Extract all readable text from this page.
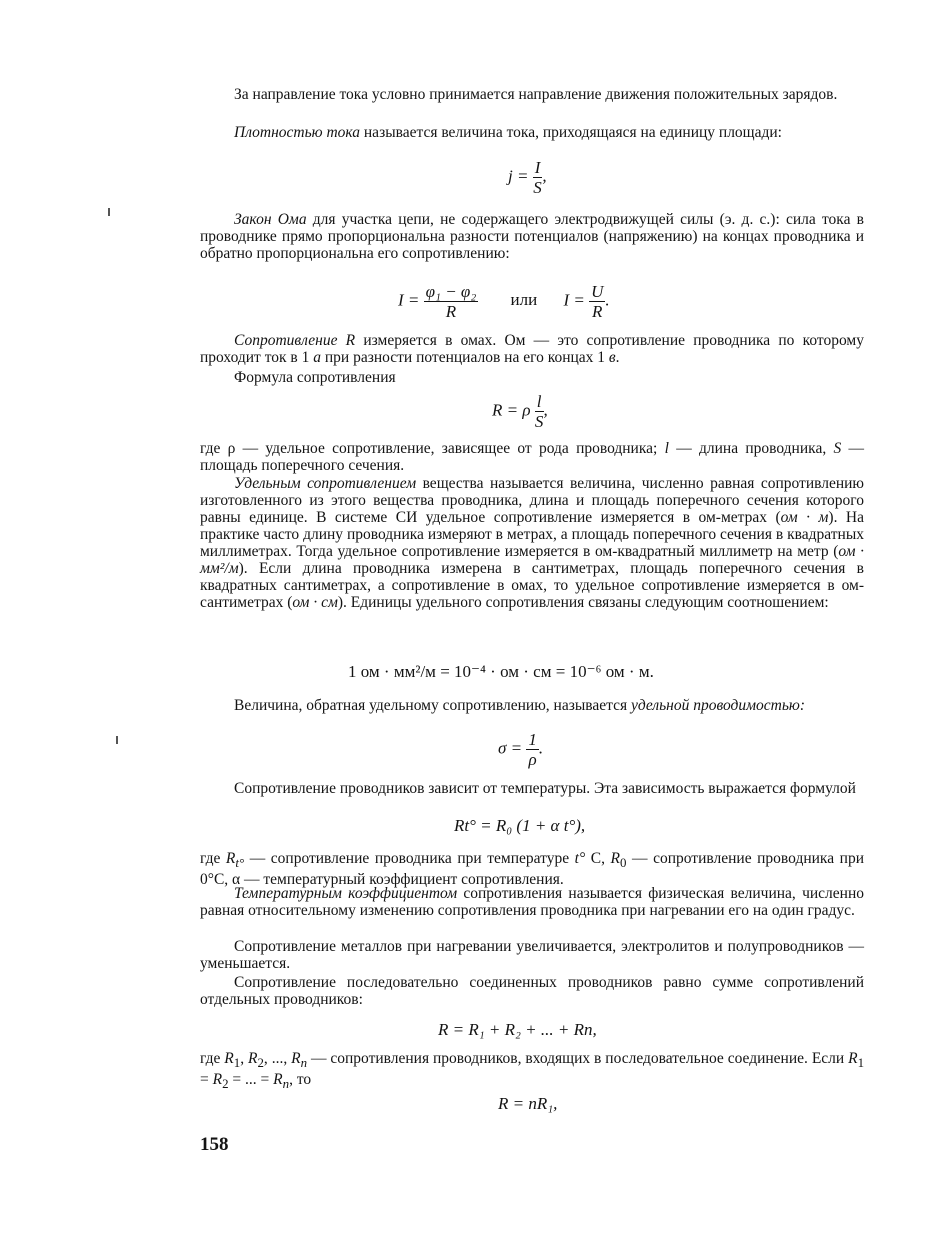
За направление тока условно принимается направление движения положительных зарядов.

Плотностью тока называется величина тока, приходящаяся на единицу площади:

$j = \frac{I}{S}$ ,

Закон Ома для участка цепи, не содержащего электродвижущей силы (э. д. с.): сила тока в проводнике прямо пропорциональна разности потенциалов (напряжению) на концах проводника и обратно пропорциональна его сопротивлению:

$I = \frac{\text{φ₁ − φ₂}}{R}$ или $I = \frac{U}{R}$ .

Сопротивление R измеряется в омах. Ом — это сопротивление проводника по которому проходит ток в 1 а при разности потенциалов на его концах 1 в.

Формула сопротивления

R = ρ $\frac{l}{S}$ ,

где ρ — удельное сопротивление, зависящее от рода проводника; l — длина проводника, S — площадь поперечного сечения.

Удельным сопротивлением вещества называется величина, численно равная сопротивлению изготовленного из этого вещества проводника, длина и площадь поперечного сечения которого равны единице. В системе СИ удельное сопротивление измеряется в ом-метрах (ом · м). На практике часто длину проводника измеряют в метрах, а площадь поперечного сечения в квадратных миллиметрах. Тогда удельное сопротивление измеряется в ом-квадратный миллиметр на метр (ом · мм²/м). Если длина проводника измерена в сантиметрах, площадь поперечного сечения в квадратных сантиметрах, а сопротивление в омах, то удельное сопротивление измеряется в ом-сантиметрах (ом · см). Единицы удельного сопротивления связаны следующим соотношением:

1 ом · мм²/м = 10⁻⁴ · ом · см = 10⁻⁶ ом · м.

Величина, обратная удельному сопротивлению, называется удельной проводимостью:

$\sigma = \frac{1}{\rho}$ .

Сопротивление проводников зависит от температуры. Эта зависимость выражается формулой

Rt° = R₀ (1 + α t°),

где $R_{t^\circ}$ — сопротивление проводника при температуре t° C, $R_0$ — сопротивление проводника при 0°C, α — температурный коэффициент сопротивления.

Температурным коэффициентом сопротивления называется физическая величина, численно равная относительному изменению сопротивления проводника при нагревании его на один градус.

Сопротивление металлов при нагревании увеличивается, электролитов и полупроводников — уменьшается.

Сопротивление последовательно соединенных проводников равно сумме сопротивлений отдельных проводников:

R = R₁ + R₂ + ... + Rn,

где $R_1$, $R_2$, ..., $R_n$ — сопротивления проводников, входящих в последовательное соединение. Если $R_1 = R_2$ = ... = $R_n$, то

R = nR₁,
158
